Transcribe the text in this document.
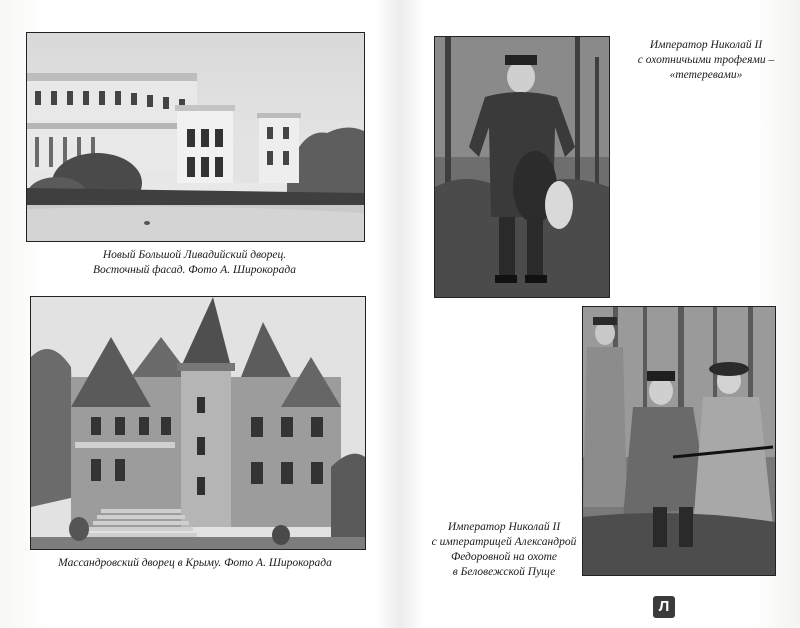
Новый Большой Ливадийский дворец.
Восточный фасад. Фото А. Широкорада

Массандровский дворец в Крыму. Фото А. Широкорада

Император Николай II
с охотничьими трофеями –
«тетеревами»

Император Николай II
с императрицей Александрой
Федоровной на охоте
в Беловежской Пуще

Л
